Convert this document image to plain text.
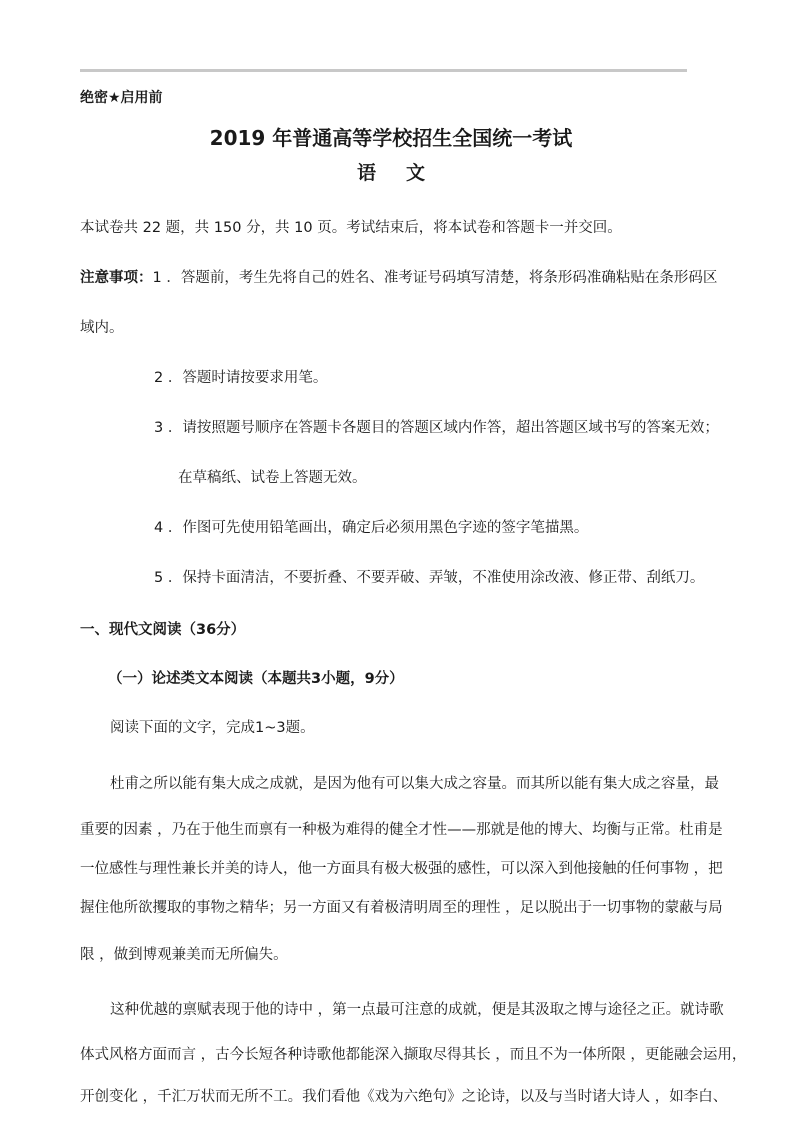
绝密★启用前
2019 年普通高等学校招生全国统一考试
语文
本试卷共 22 题，共 150 分，共 10 页。考试结束后，将本试卷和答题卡一并交回。
注意事项：1 ．答题前，考生先将自己的姓名、准考证号码填写清楚，将条形码准确粘贴在条形码区
域内。
2 ．答题时请按要求用笔。
3 ．请按照题号顺序在答题卡各题目的答题区域内作答，超出答题区域书写的答案无效；
在草稿纸、试卷上答题无效。
4 ．作图可先使用铅笔画出，确定后必须用黑色字迹的签字笔描黑。
5 ．保持卡面清洁，不要折叠、不要弄破、弄皱，不准使用涂改液、修正带、刮纸刀。
一、现代文阅读（36分）
（一）论述类文本阅读（本题共3小题，9分）
阅读下面的文字，完成1~3题。
杜甫之所以能有集大成之成就，是因为他有可以集大成之容量。而其所以能有集大成之容量，最
重要的因素 ，乃在于他生而禀有一种极为难得的健全才性——那就是他的博大、均衡与正常。杜甫是
一位感性与理性兼长并美的诗人，他一方面具有极大极强的感性，可以深入到他接触的任何事物 ，把
握住他所欲攫取的事物之精华；另一方面又有着极清明周至的理性 ，足以脱出于一切事物的蒙蔽与局
限 ，做到博观兼美而无所偏失。
这种优越的禀赋表现于他的诗中 ，第一点最可注意的成就，便是其汲取之博与途径之正。就诗歌
体式风格方面而言 ，古今长短各种诗歌他都能深入撷取尽得其长 ，而且不为一体所限 ，更能融会运用，
开创变化 ，千汇万状而无所不工。我们看他《戏为六绝句》之论诗，以及与当时诸大诗人 ，如李白、
